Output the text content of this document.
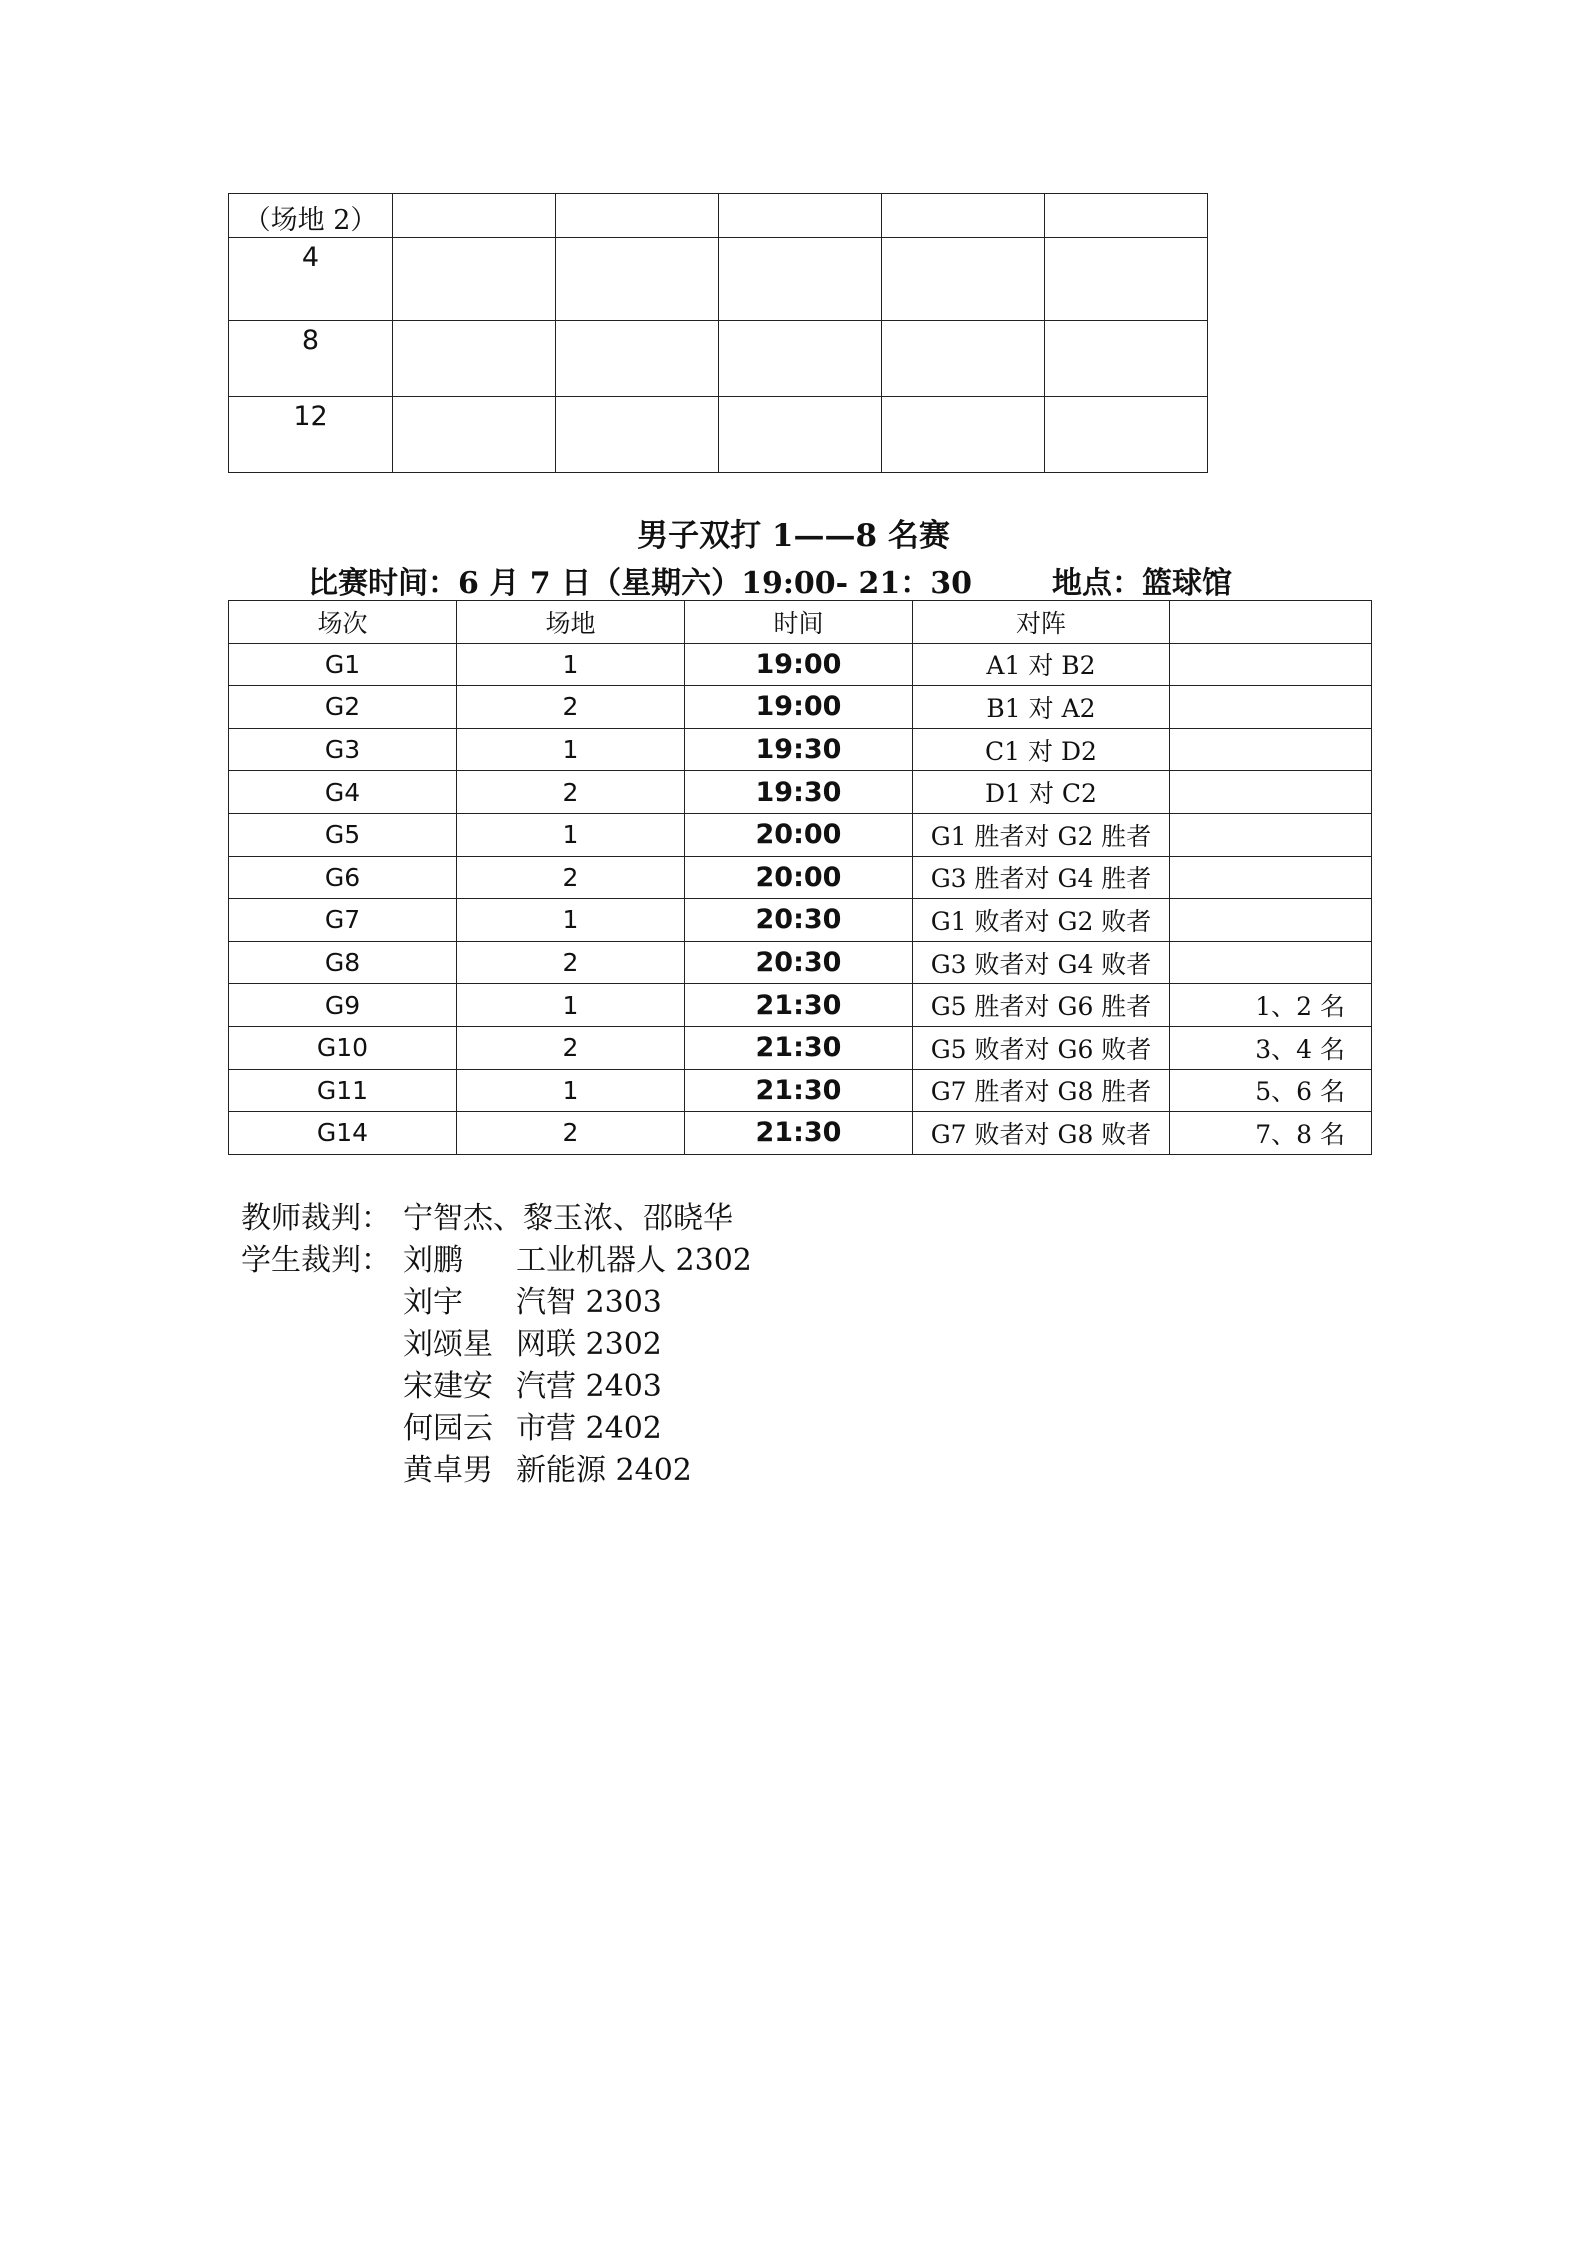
（场地 2）					

4					

8					

12					

男子双打 1——8 名赛
比赛时间：6 月 7 日（星期六）19:00- 21：30	地点：篮球馆
场次	场地	时间	对阵	
G1	1	19:00	A1 对 B2	
G2	2	19:00	B1 对 A2	
G3	1	19:30	C1 对 D2	
G4	2	19:30	D1 对 C2	
G5	1	20:00	G1 胜者对 G2 胜者	
G6	2	20:00	G3 胜者对 G4 胜者	
G7	1	20:30	G1 败者对 G2 败者	
G8	2	20:30	G3 败者对 G4 败者	
G9	1	21:30	G5 胜者对 G6 胜者	1、2 名
G10	2	21:30	G5 败者对 G6 败者	3、4 名
G11	1	21:30	G7 胜者对 G8 胜者	5、6 名
G14	2	21:30	G7 败者对 G8 败者	7、8 名
教师裁判： 宁智杰、黎玉浓、邵晓华
学生裁判： 刘鹏	工业机器人 2302
刘宇	汽智 2303
刘颂星 网联 2302
宋建安 汽营 2403
何园云 市营 2402
黄卓男 新能源 2402
